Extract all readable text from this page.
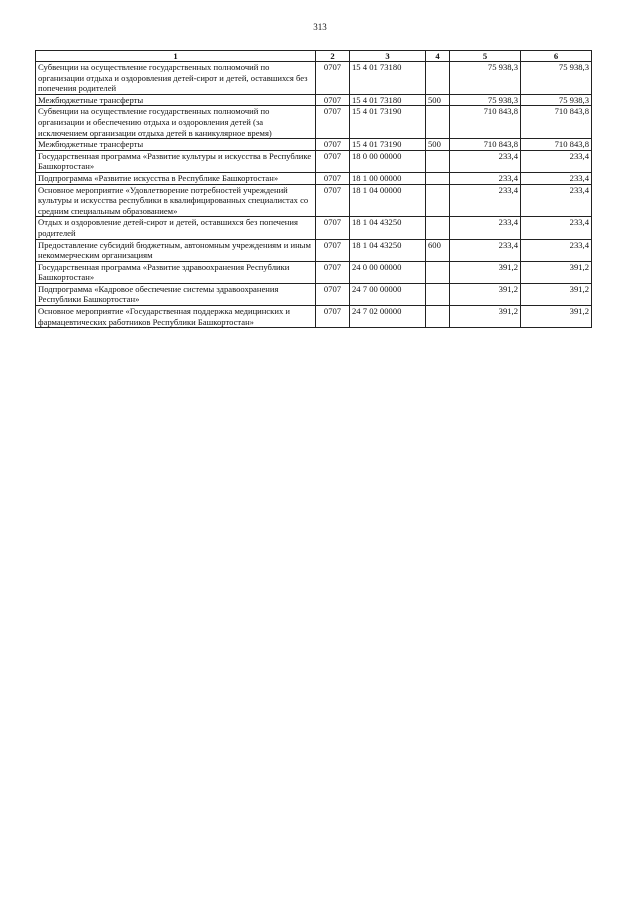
313
1	2	3	4	5	6
Субвенции на осуществление государственных полномочий по организации отдыха и оздоровления детей-сирот и детей, оставшихся без попечения родителей	0707	15 4 01 73180		75 938,3	75 938,3
Межбюджетные трансферты	0707	15 4 01 73180	500	75 938,3	75 938,3
Субвенции на осуществление государственных полномочий по организации и обеспечению отдыха и оздоровления детей (за исключением организации отдыха детей в каникулярное время)	0707	15 4 01 73190		710 843,8	710 843,8
Межбюджетные трансферты	0707	15 4 01 73190	500	710 843,8	710 843,8
Государственная программа «Развитие культуры и искусства в Республике Башкортостан»	0707	18 0 00 00000		233,4	233,4
Подпрограмма «Развитие искусства в Республике Башкортостан»	0707	18 1 00 00000		233,4	233,4
Основное мероприятие «Удовлетворение потребностей учреждений культуры и искусства республики в квалифицированных специалистах со средним специальным образованием»	0707	18 1 04 00000		233,4	233,4
Отдых и оздоровление детей-сирот и детей, оставшихся без попечения родителей	0707	18 1 04 43250		233,4	233,4
Предоставление субсидий бюджетным, автономным учреждениям и иным некоммерческим организациям	0707	18 1 04 43250	600	233,4	233,4
Государственная программа «Развитие здравоохранения Республики Башкортостан»	0707	24 0 00 00000		391,2	391,2
Подпрограмма «Кадровое обеспечение системы здравоохранения Республики Башкортостан»	0707	24 7 00 00000		391,2	391,2
Основное мероприятие «Государственная поддержка медицинских и фармацевтических работников Республики Башкортостан»	0707	24 7 02 00000		391,2	391,2
